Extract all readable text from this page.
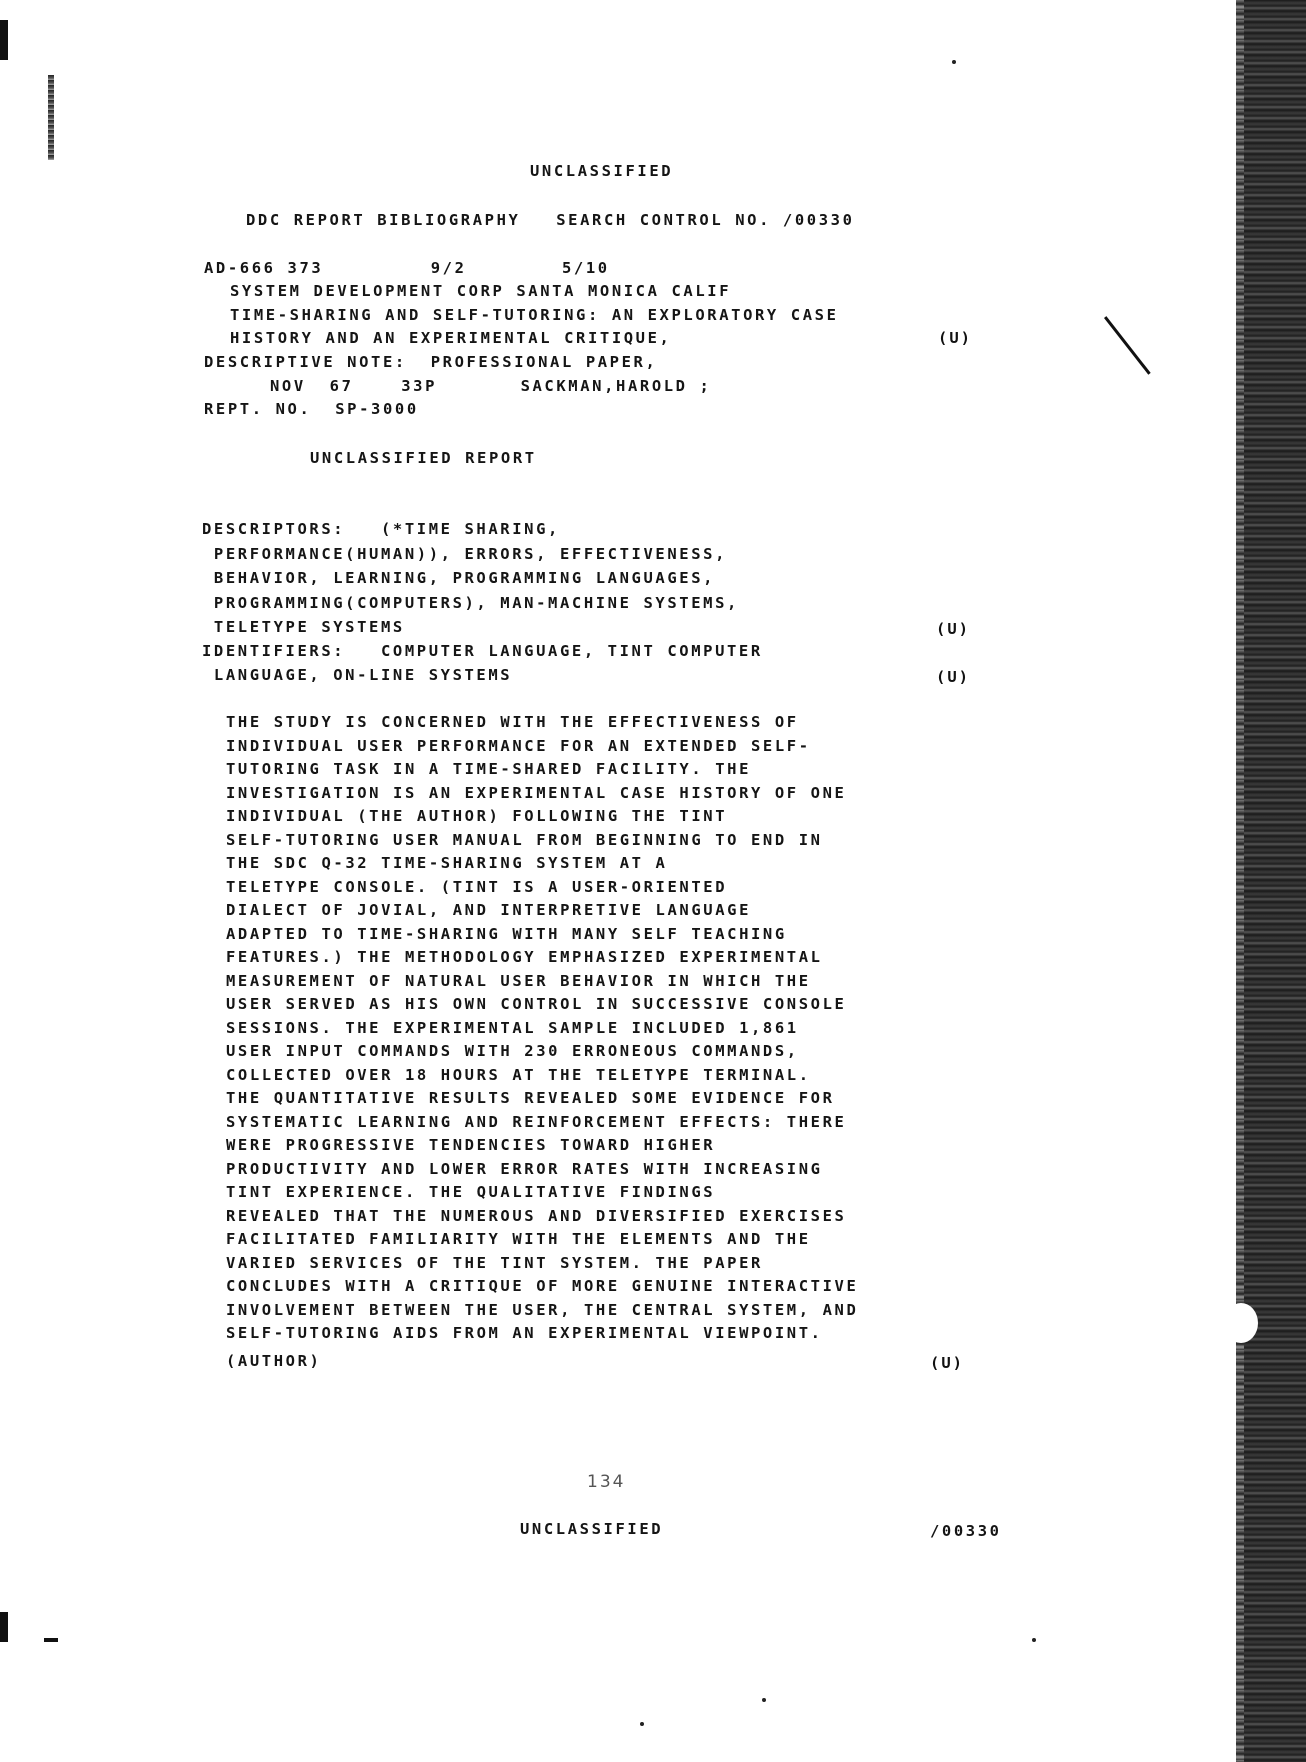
UNCLASSIFIED

DDC REPORT BIBLIOGRAPHY   SEARCH CONTROL NO. /00330

AD-666 373         9/2        5/10

SYSTEM DEVELOPMENT CORP SANTA MONICA CALIF

TIME-SHARING AND SELF-TUTORING: AN EXPLORATORY CASE

HISTORY AND AN EXPERIMENTAL CRITIQUE,	(U)

DESCRIPTIVE NOTE:  PROFESSIONAL PAPER,

NOV  67    33P       SACKMAN,HAROLD ;

REPT. NO.  SP-3000

UNCLASSIFIED REPORT

DESCRIPTORS:   (*TIME SHARING,

PERFORMANCE(HUMAN)), ERRORS, EFFECTIVENESS,

BEHAVIOR, LEARNING, PROGRAMMING LANGUAGES,

PROGRAMMING(COMPUTERS), MAN-MACHINE SYSTEMS,

TELETYPE SYSTEMS	(U)

IDENTIFIERS:   COMPUTER LANGUAGE, TINT COMPUTER

LANGUAGE, ON-LINE SYSTEMS	(U)

THE STUDY IS CONCERNED WITH THE EFFECTIVENESS OF

INDIVIDUAL USER PERFORMANCE FOR AN EXTENDED SELF-

TUTORING TASK IN A TIME-SHARED FACILITY. THE

INVESTIGATION IS AN EXPERIMENTAL CASE HISTORY OF ONE

INDIVIDUAL (THE AUTHOR) FOLLOWING THE TINT

SELF-TUTORING USER MANUAL FROM BEGINNING TO END IN

THE SDC Q-32 TIME-SHARING SYSTEM AT A

TELETYPE CONSOLE. (TINT IS A USER-ORIENTED

DIALECT OF JOVIAL, AND INTERPRETIVE LANGUAGE

ADAPTED TO TIME-SHARING WITH MANY SELF TEACHING

FEATURES.) THE METHODOLOGY EMPHASIZED EXPERIMENTAL

MEASUREMENT OF NATURAL USER BEHAVIOR IN WHICH THE

USER SERVED AS HIS OWN CONTROL IN SUCCESSIVE CONSOLE

SESSIONS. THE EXPERIMENTAL SAMPLE INCLUDED 1,861

USER INPUT COMMANDS WITH 230 ERRONEOUS COMMANDS,

COLLECTED OVER 18 HOURS AT THE TELETYPE TERMINAL.

THE QUANTITATIVE RESULTS REVEALED SOME EVIDENCE FOR

SYSTEMATIC LEARNING AND REINFORCEMENT EFFECTS: THERE

WERE PROGRESSIVE TENDENCIES TOWARD HIGHER

PRODUCTIVITY AND LOWER ERROR RATES WITH INCREASING

TINT EXPERIENCE. THE QUALITATIVE FINDINGS

REVEALED THAT THE NUMEROUS AND DIVERSIFIED EXERCISES

FACILITATED FAMILIARITY WITH THE ELEMENTS AND THE

VARIED SERVICES OF THE TINT SYSTEM. THE PAPER

CONCLUDES WITH A CRITIQUE OF MORE GENUINE INTERACTIVE

INVOLVEMENT BETWEEN THE USER, THE CENTRAL SYSTEM, AND

SELF-TUTORING AIDS FROM AN EXPERIMENTAL VIEWPOINT.

(AUTHOR)	(U)

134

UNCLASSIFIED	/00330
